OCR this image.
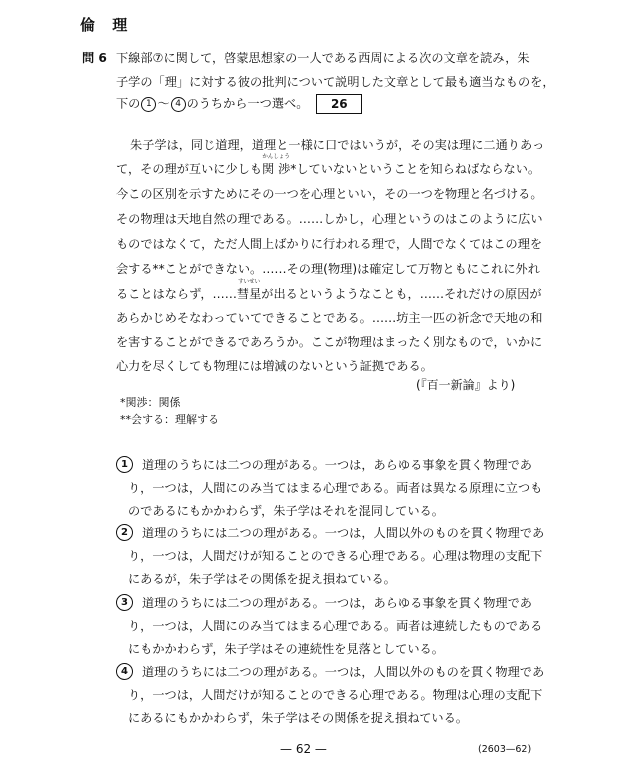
倫 理
問 6 下線部⑦に関して，啓蒙思想家の一人である西周による次の文章を読み，朱
子学の「理」に対する彼の批判について説明した文章として最も適当なものを，
下の 1 〜 4 のうちから一つ選べ。 26
朱子学は，同じ道理，道理と一様に口ではいうが，その実は理に二通りあっ
て，その理が互いに少しも関 渉
かんしょう
*していないということを知らねばならない。
今この区別を示すためにその一つを心理といい，その一つを物理と名づける。
その物理は天地自然の理である。……しかし，心理というのはこのように広い
ものではなくて，ただ人間上ばかりに行われる理で，人間でなくてはこの理を
会する**ことができない。……その理(物理)は確定して万物ともにこれに外れ
ることはならず，……彗星
すいせい
が出るというようなことも，……それだけの原因が
あらかじめそなわっていてできることである。……坊主一匹の祈念で天地の和
を害することができるであろうか。ここが物理はまったく別なもので，いかに
心力を尽くしても物理には増減のないという証拠である。
(『百一新論』より)
*関渉：関係
**会する：理解する
1	道理のうちには二つの理がある。一つは，あらゆる事象を貫く物理であ
り，一つは，人間にのみ当てはまる心理である。両者は異なる原理に立つも
のであるにもかかわらず，朱子学はそれを混同している。
2	道理のうちには二つの理がある。一つは，人間以外のものを貫く物理であ
り，一つは，人間だけが知ることのできる心理である。心理は物理の支配下
にあるが，朱子学はその関係を捉え損ねている。
3	道理のうちには二つの理がある。一つは，あらゆる事象を貫く物理であ
り，一つは，人間にのみ当てはまる心理である。両者は連続したものである
にもかかわらず，朱子学はその連続性を見落としている。
4	道理のうちには二つの理がある。一つは，人間以外のものを貫く物理であ
り，一つは，人間だけが知ることのできる心理である。物理は心理の支配下
にあるにもかかわらず，朱子学はその関係を捉え損ねている。
— 62 —	(2603—62)
